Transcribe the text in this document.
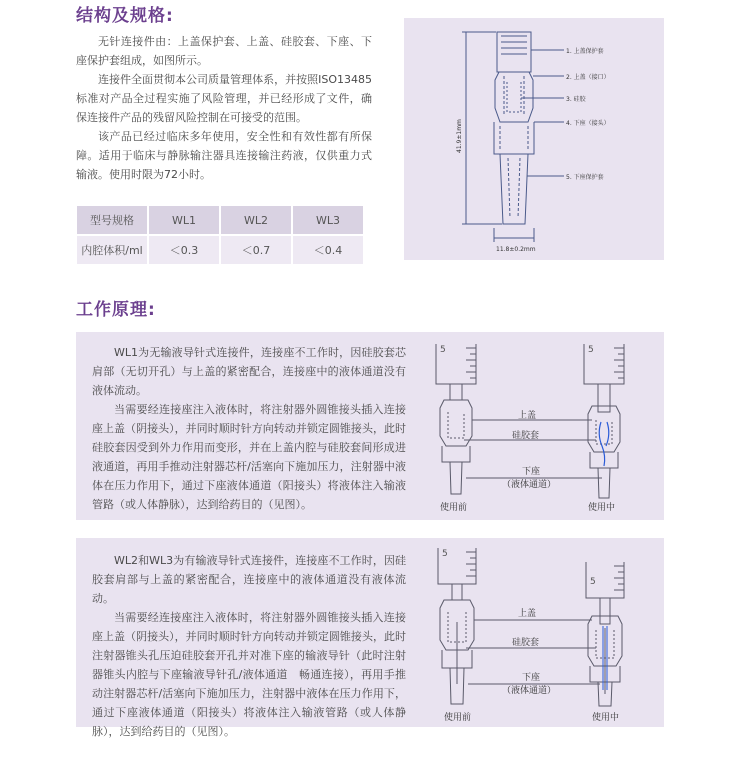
结构及规格:

无针连接件由：上盖保护套、上盖、硅胶套、下座、下座保护套组成，如图所示。

连接件全面贯彻本公司质量管理体系，并按照ISO13485标准对产品全过程实施了风险管理，并已经形成了文件，确保连接件产品的残留风险控制在可接受的范围。

该产品已经过临床多年使用，安全性和有效性都有所保障。适用于临床与静脉输注器具连接输注药液，仅供重力式输液。使用时限为72小时。

型号规格	WL1	WL2	WL3
内腔体积/ml	＜0.3	＜0.7	＜0.4
1. 上盖保护套
2. 上盖（接口）
3. 硅胶
4. 下座（接头）
5. 下座保护套
41.9±1mm
11.8±0.2mm
工作原理:

WL1为无输液导针式连接件，连接座不工作时，因硅胶套芯肩部（无切开孔）与上盖的紧密配合，连接座中的液体通道没有液体流动。

当需要经连接座注入液体时，将注射器外圆锥接头插入连接座上盖（阴接头），并同时顺时针方向转动并锁定圆锥接头，此时硅胶套因受到外力作用而变形，并在上盖内腔与硅胶套间形成进液通道，再用手推动注射器芯杆/活塞向下施加压力，注射器中液体在压力作用下，通过下座液体通道（阳接头）将液体注入输液管路（或人体静脉），达到给药目的（见图）。

5	5
上盖
硅胶套
下座
（液体通道）
使用前	使用中

WL2和WL3为有输液导针式连接件，连接座不工作时，因硅胶套肩部与上盖的紧密配合，连接座中的液体通道没有液体流动。

当需要经连接座注入液体时，将注射器外圆锥接头插入连接座上盖（阴接头），并同时顺时针方向转动并锁定圆锥接头，此时注射器锥头孔压迫硅胶套开孔并对准下座的输液导针（此时注射器锥头内腔与下座输液导针孔/液体通道　畅通连接），再用手推动注射器芯杆/活塞向下施加压力，注射器中液体在压力作用下，通过下座液体通道（阳接头）将液体注入输液管路（或人体静脉），达到给药目的（见图）。

5
5
上盖
硅胶套
下座
（液体通道）
使用前	使用中
